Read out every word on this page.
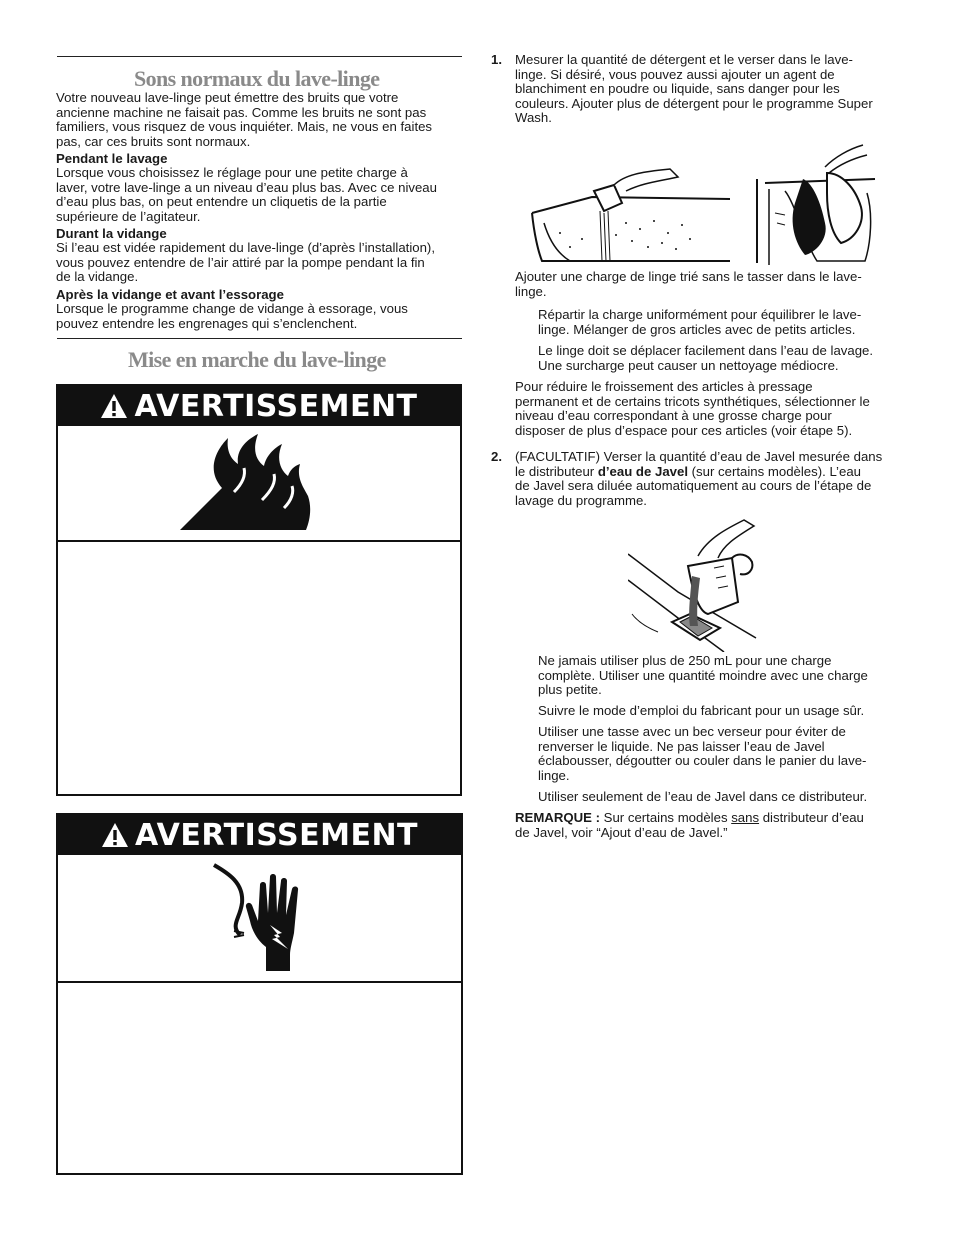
Sons normaux du lave-linge

Votre nouveau lave-linge peut émettre des bruits que votre

ancienne machine ne faisait pas. Comme les bruits ne sont pas

familiers, vous risquez de vous inquiéter. Mais, ne vous en faites

pas, car ces bruits sont normaux.

Pendant le lavage

Lorsque vous choisissez le réglage pour une petite charge à

laver, votre lave-linge a un niveau d’eau plus bas. Avec ce niveau

d’eau plus bas, on peut entendre un cliquetis de la partie

supérieure de l’agitateur.

Durant la vidange

Si l’eau est vidée rapidement du lave-linge (d’après l’installation),

vous pouvez entendre de l’air attiré par la pompe pendant la fin

de la vidange.

Après la vidange et avant l’essorage

Lorsque le programme change de vidange à essorage, vous

pouvez entendre les engrenages qui s’enclenchent.

Mise en marche du lave-linge
AVERTISSEMENT
AVERTISSEMENT
1. Mesurer la quantité de détergent et le verser dans le lave-

linge. Si désiré, vous pouvez aussi ajouter un agent de

blanchiment en poudre ou liquide, sans danger pour les

couleurs. Ajouter plus de détergent pour le programme Super

Wash.

Ajouter une charge de linge trié sans le tasser dans le lave-

linge.

Répartir la charge uniformément pour équilibrer le lave-

linge. Mélanger de gros articles avec de petits articles.

Le linge doit se déplacer facilement dans l’eau de lavage.

Une surcharge peut causer un nettoyage médiocre.

Pour réduire le froissement des articles à pressage

permanent et de certains tricots synthétiques, sélectionner le

niveau d’eau correspondant à une grosse charge pour

disposer de plus d’espace pour ces articles (voir étape 5).

2. (FACULTATIF) Verser la quantité d’eau de Javel mesurée dans

le distributeur d’eau de Javel (sur certains modèles). L’eau

de Javel sera diluée automatiquement au cours de l’étape de

lavage du programme.

Ne jamais utiliser plus de 250 mL pour une charge

complète. Utiliser une quantité moindre avec une charge

plus petite.

Suivre le mode d’emploi du fabricant pour un usage sûr.

Utiliser une tasse avec un bec verseur pour éviter de

renverser le liquide. Ne pas laisser l’eau de Javel

éclabousser, dégoutter ou couler dans le panier du lave-

linge.

Utiliser seulement de l’eau de Javel dans ce distributeur.

REMARQUE : Sur certains modèles sans distributeur d’eau

de Javel, voir “Ajout d’eau de Javel.”
